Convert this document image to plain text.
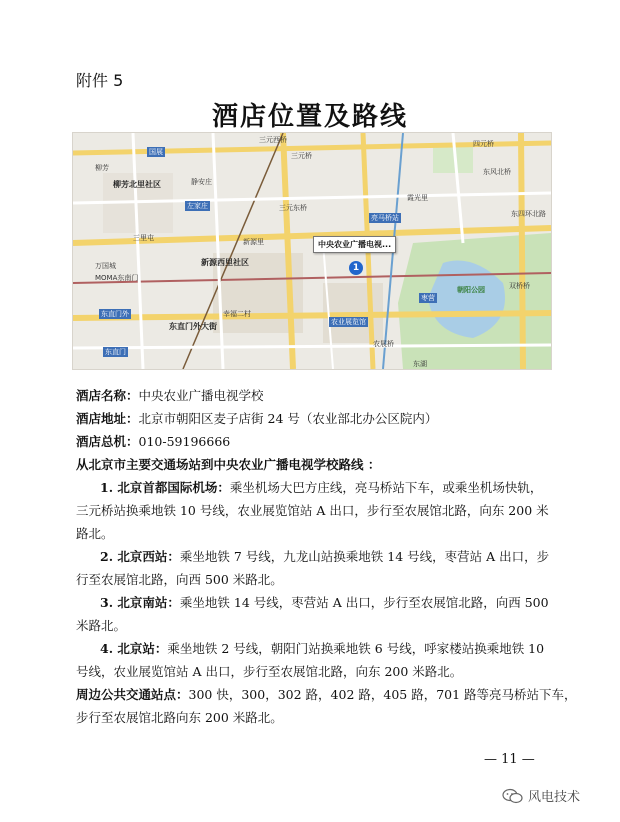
附件 5
酒店位置及路线
三元西桥
三元桥
国展
柳芳
柳芳北里社区	静安庄
左家庄	三元东桥
亮马桥站
东风北桥
东四环北路
新源西里社区
万国城
MOMA东南门
东直门外
东直门外大街
东直门
农业展览馆
朝阳公园
枣营
三里屯	新源里
幸福二村
农展桥
霞光里
四元桥
东湖
双桥桥
中央农业广播电视...
1
酒店名称：中央农业广播电视学校
酒店地址：北京市朝阳区麦子店街 24 号（农业部北办公区院内）
酒店总机：010-59196666
从北京市主要交通场站到中央农业广播电视学校路线 ：
1. 北京首都国际机场：乘坐机场大巴方庄线，亮马桥站下车，或乘坐机场快轨，
三元桥站换乘地铁 10 号线，农业展览馆站 A 出口，步行至农展馆北路，向东 200 米
路北。
2. 北京西站：乘坐地铁 7 号线，九龙山站换乘地铁 14 号线，枣营站 A 出口，步
行至农展馆北路，向西 500 米路北。
3. 北京南站：乘坐地铁 14 号线，枣营站 A 出口，步行至农展馆北路，向西 500
米路北。
4. 北京站：乘坐地铁 2 号线，朝阳门站换乘地铁 6 号线，呼家楼站换乘地铁 10
号线，农业展览馆站 A 出口，步行至农展馆北路，向东 200 米路北。
周边公共交通站点：300 快，300，302 路，402 路，405 路，701 路等亮马桥站下车，
步行至农展馆北路向东 200 米路北。
— 11 —
风电技术
